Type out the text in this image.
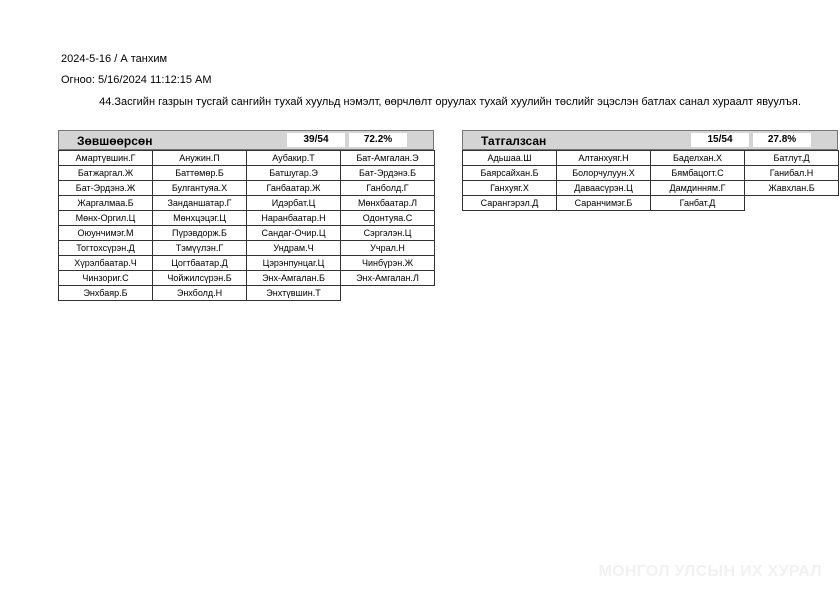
2024-5-16 / А танхим
Огноо: 5/16/2024 11:12:15 AM
44.Засгийн газрын тусгай сангийн тухай хуульд нэмэлт, өөрчлөлт оруулах тухай хуулийн төслийг эцэслэн батлах санал хураалт явуулъя.
Зөвшөөрсөн	39/54	72.2%
Амартүвшин.Г	Анужин.П	Аубакир.Т	Бат-Амгалан.Э
Батжаргал.Ж	Баттөмөр.Б	Батшугар.Э	Бат-Эрдэнэ.Б
Бат-Эрдэнэ.Ж	Булгантуяа.Х	Ганбаатар.Ж	Ганболд.Г
Жаргалмаа.Б	Занданшатар.Г	Идэрбат.Ц	Мөнхбаатар.Л
Мөнх-Оргил.Ц	Мөнхцэцэг.Ц	Наранбаатар.Н	Одонтуяа.С
Оюунчимэг.М	Пүрэвдорж.Б	Сандаг-Очир.Ц	Сэргэлэн.Ц
Тогтохсүрэн.Д	Тэмүүлэн.Г	Ундрам.Ч	Учрал.Н
Хүрэлбаатар.Ч	Цогтбаатар.Д	Цэрэнпунцаг.Ц	Чинбүрэн.Ж
Чинзориг.С	Чойжилсүрэн.Б	Энх-Амгалан.Б	Энх-Амгалан.Л
Энхбаяр.Б	Энхболд.Н	Энхтүвшин.Т
Татгалзсан	15/54	27.8%
Адьшаа.Ш	Алтанхуяг.Н	Баделхан.Х	Батлут.Д
Баярсайхан.Б	Болорчулуун.Х	Бямбацогт.С	Ганибал.Н
Ганхуяг.Х	Даваасүрэн.Ц	Дамдинням.Г	Жавхлан.Б
Сарангэрэл.Д	Саранчимэг.Б	Ганбат.Д
МОНГОЛ УЛСЫН ИХ ХУРАЛ
